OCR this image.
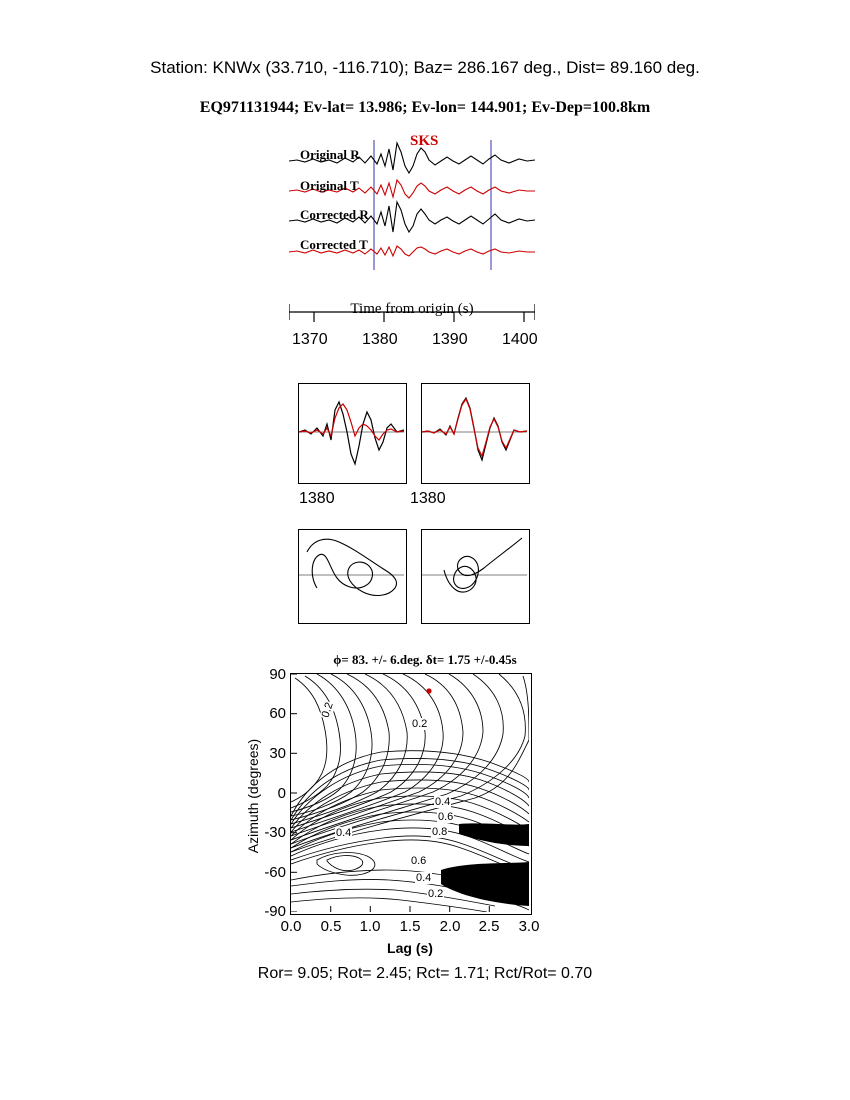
Station: KNWx (33.710, -116.710); Baz= 286.167 deg., Dist= 89.160 deg.
EQ971131944; Ev-lat= 13.986; Ev-lon= 144.901; Ev-Dep=100.8km
SKS
Original R
Original T
Corrected R
Corrected T
Time from origin (s)
1370 1380 1390 1400
1380	1380
ϕ= 83. +/- 6.deg. δt= 1.75 +/-0.45s
Azimuth (degrees)
0.2
0.2
0.4
0.4
0.6
0.8
0.6
0.4
0.2
90
60
30
0
-30
-60
-90
0.0	0.5	1.0	1.5	2.0	2.5	3.0
Lag (s)
Ror= 9.05; Rot= 2.45; Rct= 1.71; Rct/Rot= 0.70
